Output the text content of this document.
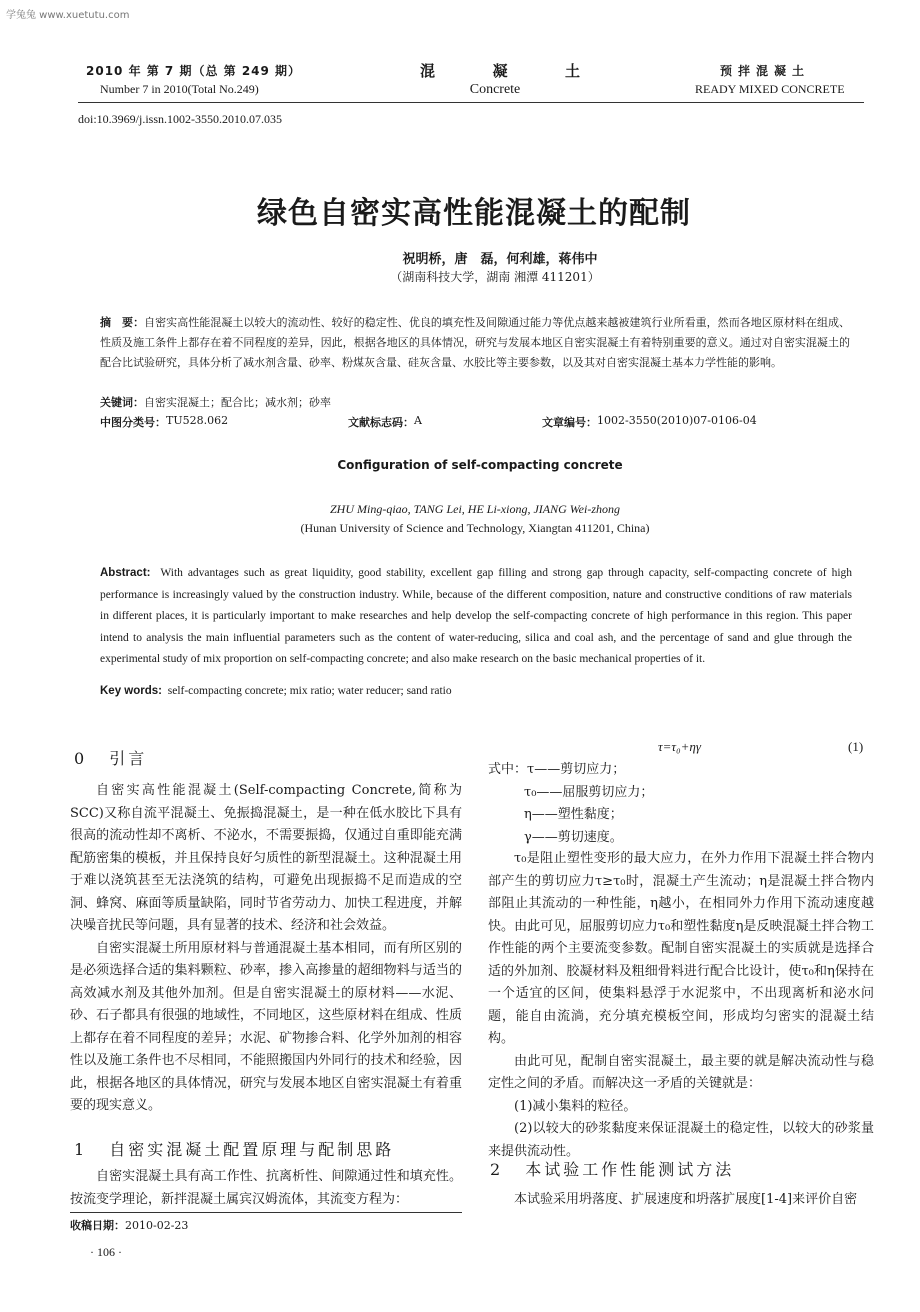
学兔兔 www.xuetutu.com
2010 年 第 7 期（总 第 249 期）
Number 7 in 2010(Total No.249)
混	凝	土
Concrete
预拌混凝土
READY MIXED CONCRETE
doi:10.3969/j.issn.1002-3550.2010.07.035
绿色自密实高性能混凝土的配制
祝明桥，唐　磊，何利雄，蒋伟中
（湖南科技大学，湖南 湘潭 411201）
摘　要：自密实高性能混凝土以较大的流动性、较好的稳定性、优良的填充性及间隙通过能力等优点越来越被建筑行业所看重，然而各地区原材料在组成、性质及施工条件上都存在着不同程度的差异，因此，根据各地区的具体情况，研究与发展本地区自密实混凝土有着特别重要的意义。通过对自密实混凝土的配合比试验研究，具体分析了减水剂含量、砂率、粉煤灰含量、硅灰含量、水胶比等主要参数，以及其对自密实混凝土基本力学性能的影响。
关键词：自密实混凝土；配合比；减水剂；砂率
中图分类号： TU528.062	文献标志码： A	文章编号： 1002-3550(2010)07-0106-04
Configuration of self-compacting concrete
ZHU Ming-qiao, TANG Lei, HE Li-xiong, JIANG Wei-zhong
(Hunan University of Science and Technology, Xiangtan 411201, China)
Abstract: With advantages such as great liquidity, good stability, excellent gap filling and strong gap through capacity, self-compacting concrete of high performance is increasingly valued by the construction industry. While, because of the different composition, nature and constructive conditions of raw materials in different places, it is particularly important to make researches and help develop the self-compacting concrete of high performance in this region. This paper intend to analysis the main influential parameters such as the content of water-reducing, silica and coal ash, and the percentage of sand and glue through the experimental study of mix proportion on self-compacting concrete; and also make research on the basic mechanical properties of it.
Key words: self-compacting concrete; mix ratio; water reducer; sand ratio
0 引言

自密实高性能混凝土(Self-compacting Concrete,简称为SCC)又称自流平混凝土、免振捣混凝土，是一种在低水胶比下具有很高的流动性却不离析、不泌水，不需要振捣，仅通过自重即能充满配筋密集的模板，并且保持良好匀质性的新型混凝土。这种混凝土用于难以浇筑甚至无法浇筑的结构，可避免出现振捣不足而造成的空洞、蜂窝、麻面等质量缺陷，同时节省劳动力、加快工程进度，并解决噪音扰民等问题，具有显著的技术、经济和社会效益。

自密实混凝土所用原材料与普通混凝土基本相同，而有所区别的是必须选择合适的集料颗粒、砂率，掺入高掺量的超细物料与适当的高效减水剂及其他外加剂。但是自密实混凝土的原材料——水泥、砂、石子都具有很强的地域性，不同地区，这些原材料在组成、性质上都存在着不同程度的差异；水泥、矿物掺合料、化学外加剂的相容性以及施工条件也不尽相同，不能照搬国内外同行的技术和经验，因此，根据各地区的具体情况，研究与发展本地区自密实混凝土有着重要的现实意义。

1 自密实混凝土配置原理与配制思路

自密实混凝土具有高工作性、抗离析性、间隙通过性和填充性。按流变学理论，新拌混凝土属宾汉姆流体，其流变方程为：

τ=τ₀+ηγ	(1)
式中：τ——剪切应力；
τ₀——屈服剪切应力；
η——塑性黏度；
γ——剪切速度。

τ₀是阻止塑性变形的最大应力，在外力作用下混凝土拌合物内部产生的剪切应力τ≥τ₀时，混凝土产生流动；η是混凝土拌合物内部阻止其流动的一种性能，η越小，在相同外力作用下流动速度越快。由此可见，屈服剪切应力τ₀和塑性黏度η是反映混凝土拌合物工作性能的两个主要流变参数。配制自密实混凝土的实质就是选择合适的外加剂、胶凝材料及粗细骨料进行配合比设计，使τ₀和η保持在一个适宜的区间，使集料悬浮于水泥浆中，不出现离析和泌水问题，能自由流淌，充分填充模板空间，形成均匀密实的混凝土结构。

由此可见，配制自密实混凝土，最主要的就是解决流动性与稳定性之间的矛盾。而解决这一矛盾的关键就是：

(1)减小集料的粒径。

(2)以较大的砂浆黏度来保证混凝土的稳定性，以较大的砂浆量来提供流动性。

2 本试验工作性能测试方法
本试验采用坍落度、扩展速度和坍落扩展度[1-4]来评价自密
收稿日期：2010-02-23
· 106 ·
